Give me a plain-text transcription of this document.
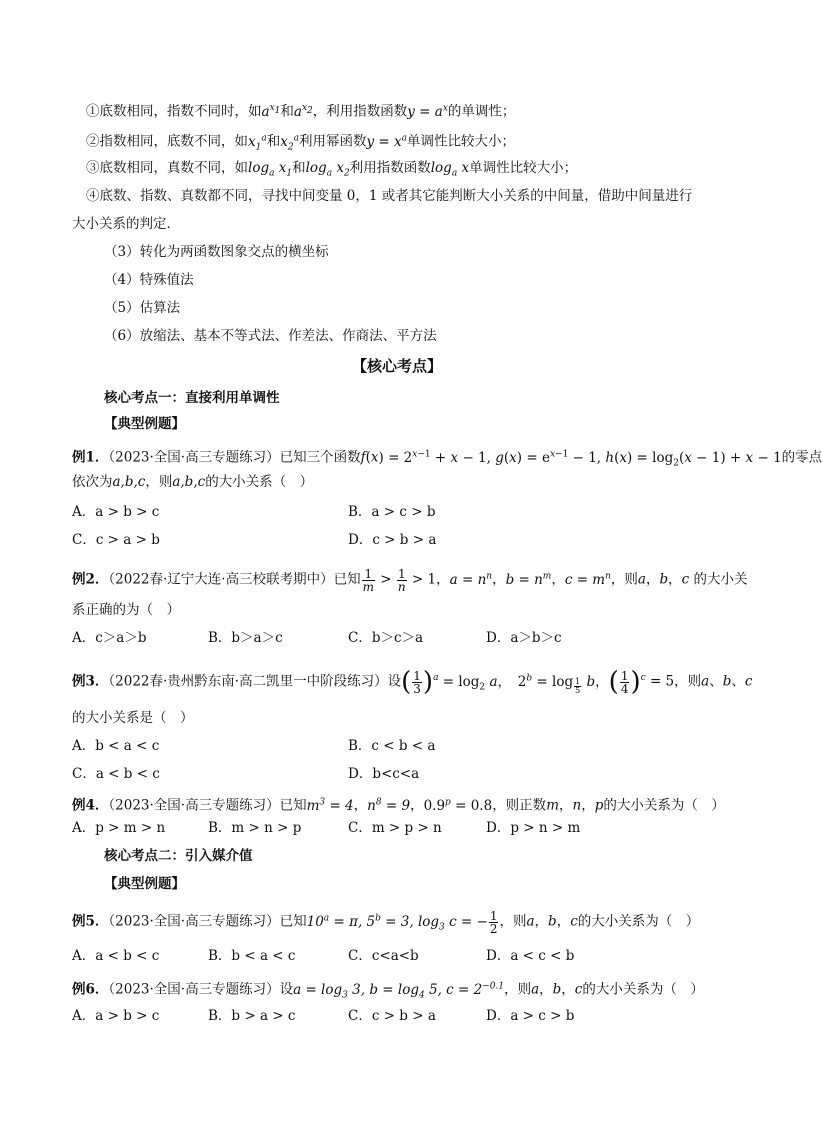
①底数相同，指数不同时，如$a^{x_1}$和$a^{x_2}$，利用指数函数$y = a^x$的单调性；
②指数相同，底数不同，如$x_1^a$和$x_2^a$利用幂函数$y = x^a$单调性比较大小；
③底数相同，真数不同，如$\log_a x_1$和$\log_a x_2$利用指数函数$\log_a x$单调性比较大小；
④底数、指数、真数都不同，寻找中间变量 0，1 或者其它能判断大小关系的中间量，借助中间量进行
大小关系的判定．
（3）转化为两函数图象交点的横坐标
（4）特殊值法
（5）估算法
（6）放缩法、基本不等式法、作差法、作商法、平方法
【核心考点】
核心考点一：直接利用单调性
【典型例题】
例1．（2023·全国·高三专题练习）已知三个函数$f(x) = 2^{x-1} + x - 1$, $g(x) = e^{x-1} - 1$, $h(x) = \log_2(x - 1) + x - 1$的零点
依次为a,b,c，则a,b,c的大小关系（　）
A．a > b > c	B．a > c > b
C．c > a > b	D．c > b > a
例2．（2022春·辽宁大连·高三校联考期中）已知 $\frac{1}{m} > \frac{1}{n} > 1$，$a = n^n$，$b = n^m$，$c = m^n$，则a，b，c 的大小关
系正确的为（　）
A．c＞a＞b	B．b＞a＞c	C．b＞c＞a	D．a＞b＞c
例3．（2022春·贵州黔东南·高二凯里一中阶段练习）设( $\frac{1}{3} )^a = \log_2 a$，　$2^b = \log _{\frac{1}{5}}$ b，( $\frac{1}{4} )^c = 5$，则a、b、c
的大小关系是（　）
A．b < a < c	B．c < b < a
C．a < b < c	D．b<c<a
例4．（2023·全国·高三专题练习）已知$m^3 = 4$，$n^8 = 9$，$0.9^p = 0.8$，则正数m，n，p的大小关系为（　）
A．p > m > n	B．m > n > p	C．m > p > n	D．p > n > m
核心考点二：引入媒介值
【典型例题】
例5．（2023·全国·高三专题练习）已知$10^a = \pi$, $5^b = 3$, $\log_3 c$ = − $\frac{1}{2}$ ，则a，b，c的大小关系为（　）
A．a < b < c	B．b < a < c	C．c<a<b	D．a < c < b
例6．（2023·全国·高三专题练习）设$a = \log_3 3$, $b = \log_4 5$, $c = 2^{-0.1}$，则a，b，c的大小关系为（　）
A．a > b > c	B．b > a > c	C．c > b > a	D．a > c > b
